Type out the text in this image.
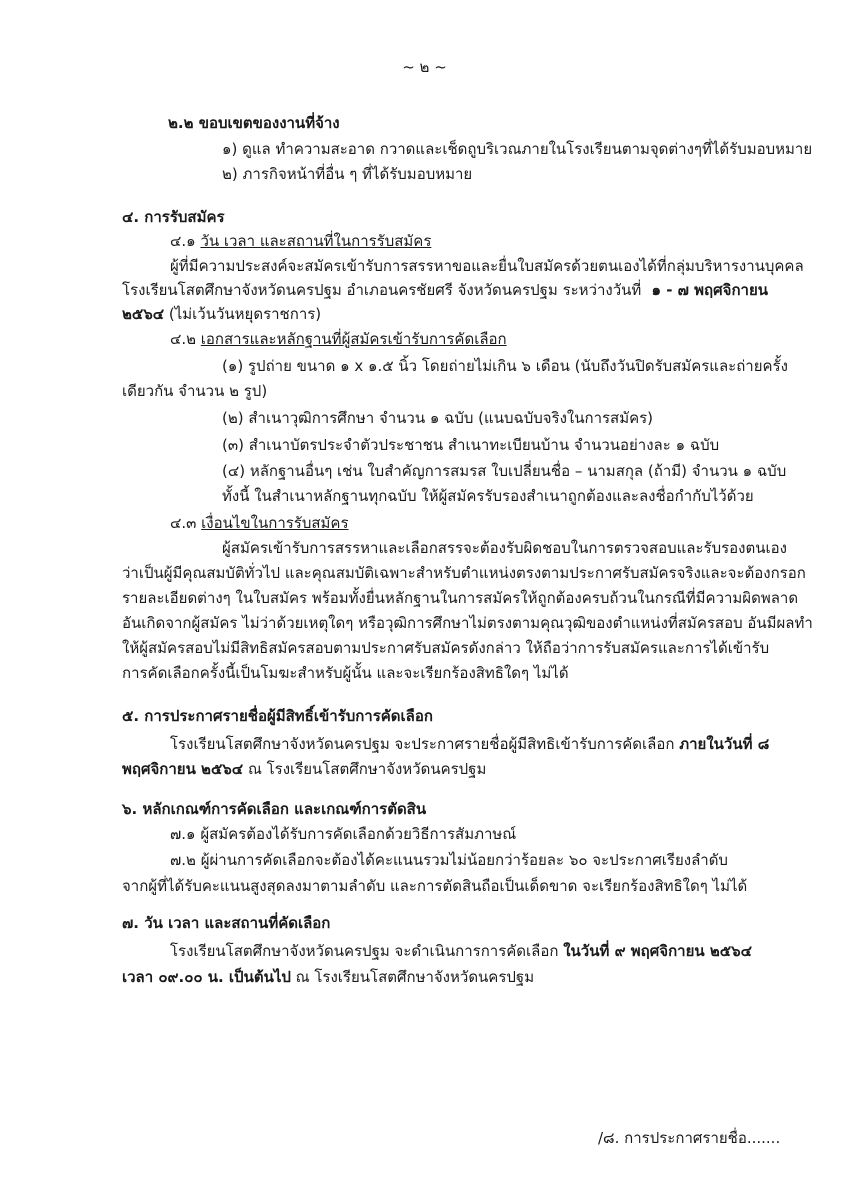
~ ๒ ~
๒.๒ ขอบเขตของงานที่จ้าง
๑) ดูแล ทำความสะอาด กวาดและเช็ดถูบริเวณภายในโรงเรียนตามจุดต่างๆที่ได้รับมอบหมาย
๒) ภารกิจหน้าที่อื่น ๆ ที่ได้รับมอบหมาย
๔. การรับสมัคร
๔.๑ วัน เวลา และสถานที่ในการรับสมัคร
ผู้ที่มีความประสงค์จะสมัครเข้ารับการสรรหาขอและยื่นใบสมัครด้วยตนเองได้ที่กลุ่มบริหารงานบุคคล
โรงเรียนโสตศึกษาจังหวัดนครปฐม อำเภอนครชัยศรี จังหวัดนครปฐม ระหว่างวันที่ ๑ - ๗ พฤศจิกายน
๒๕๖๔ (ไม่เว้นวันหยุดราชการ)
๔.๒ เอกสารและหลักฐานที่ผู้สมัครเข้ารับการคัดเลือก
(๑) รูปถ่าย ขนาด ๑ x ๑.๕ นิ้ว โดยถ่ายไม่เกิน ๖ เดือน (นับถึงวันปิดรับสมัครและถ่ายครั้ง
เดียวกัน จำนวน ๒ รูป)
(๒) สำเนาวุฒิการศึกษา จำนวน ๑ ฉบับ (แนบฉบับจริงในการสมัคร)
(๓) สำเนาบัตรประจำตัวประชาชน สำเนาทะเบียนบ้าน จำนวนอย่างละ ๑ ฉบับ
(๔) หลักฐานอื่นๆ เช่น ใบสำคัญการสมรส ใบเปลี่ยนชื่อ – นามสกุล (ถ้ามี) จำนวน ๑ ฉบับ
ทั้งนี้ ในสำเนาหลักฐานทุกฉบับ ให้ผู้สมัครรับรองสำเนาถูกต้องและลงชื่อกำกับไว้ด้วย
๔.๓ เงื่อนไขในการรับสมัคร
ผู้สมัครเข้ารับการสรรหาและเลือกสรรจะต้องรับผิดชอบในการตรวจสอบและรับรองตนเอง
ว่าเป็นผู้มีคุณสมบัติทั่วไป และคุณสมบัติเฉพาะสำหรับตำแหน่งตรงตามประกาศรับสมัครจริงและจะต้องกรอก
รายละเอียดต่างๆ ในใบสมัคร พร้อมทั้งยื่นหลักฐานในการสมัครให้ถูกต้องครบถ้วนในกรณีที่มีความผิดพลาด
อันเกิดจากผู้สมัคร ไม่ว่าด้วยเหตุใดๆ หรือวุฒิการศึกษาไม่ตรงตามคุณวุฒิของตำแหน่งที่สมัครสอบ อันมีผลทำ
ให้ผู้สมัครสอบไม่มีสิทธิสมัครสอบตามประกาศรับสมัครดังกล่าว ให้ถือว่าการรับสมัครและการได้เข้ารับ
การคัดเลือกครั้งนี้เป็นโมฆะสำหรับผู้นั้น และจะเรียกร้องสิทธิใดๆ ไม่ได้
๕. การประกาศรายชื่อผู้มีสิทธิ์เข้ารับการคัดเลือก
โรงเรียนโสตศึกษาจังหวัดนครปฐม จะประกาศรายชื่อผู้มีสิทธิเข้ารับการคัดเลือก ภายในวันที่ ๘
พฤศจิกายน ๒๕๖๔ ณ โรงเรียนโสตศึกษาจังหวัดนครปฐม
๖. หลักเกณฑ์การคัดเลือก และเกณฑ์การตัดสิน
๗.๑ ผู้สมัครต้องได้รับการคัดเลือกด้วยวิธีการสัมภาษณ์
๗.๒ ผู้ผ่านการคัดเลือกจะต้องได้คะแนนรวมไม่น้อยกว่าร้อยละ ๖๐ จะประกาศเรียงลำดับ
จากผู้ที่ได้รับคะแนนสูงสุดลงมาตามลำดับ และการตัดสินถือเป็นเด็ดขาด จะเรียกร้องสิทธิใดๆ ไม่ได้
๗. วัน เวลา และสถานที่คัดเลือก
โรงเรียนโสตศึกษาจังหวัดนครปฐม จะดำเนินการการคัดเลือก ในวันที่ ๙ พฤศจิกายน ๒๕๖๔
เวลา ๐๙.๐๐ น. เป็นต้นไป ณ โรงเรียนโสตศึกษาจังหวัดนครปฐม
/๘. การประกาศรายชื่อ.......
